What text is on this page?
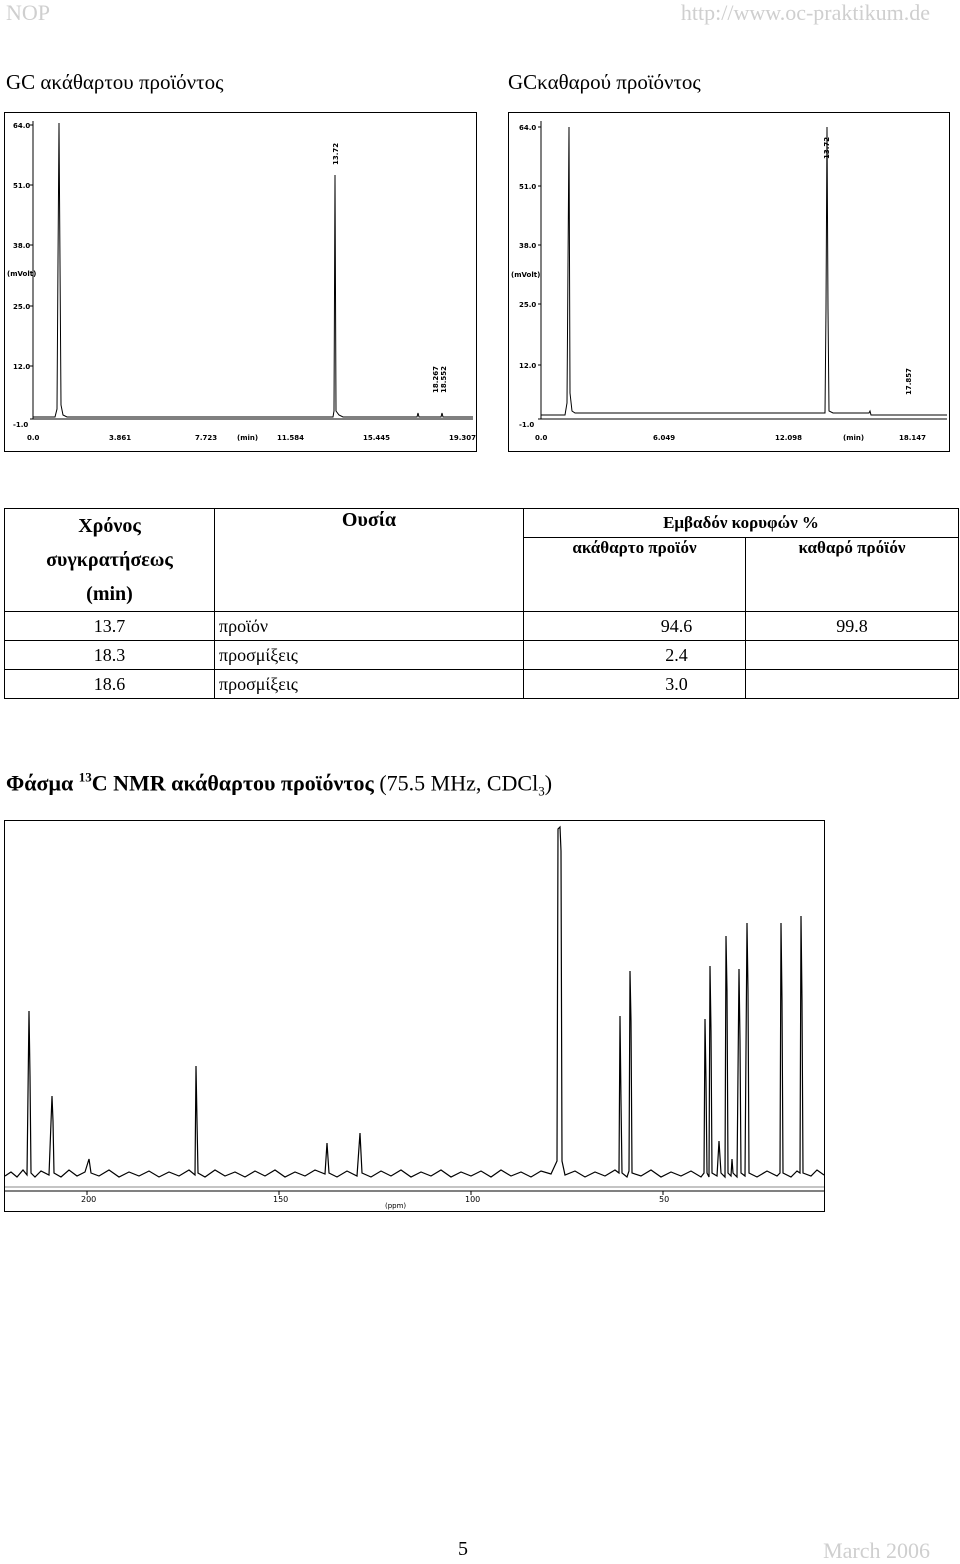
NOP	http://www.oc-praktikum.de
GC ακάθαρτου προϊόντος	GCκαθαρού προϊόντος
64.0
51.0
38.0
25.0
12.0
-1.0
(mVolt)
0.0	3.861	7.723	11.584	15.445	19.307
(min)
13.72
18.267 18.552
64.0
51.0
38.0
25.0
12.0
-1.0
(mVolt)
0.0	6.049	12.098	18.147
(min)
13.72
17.857
Χρόνος
συγκρατήσεως
(min)	Ουσία	Εμβαδόν κορυφών %	
		ακάθαρτο προϊόν	καθαρό πρόϊόν

13.7	προϊόν	94.6	99.8
18.3	προσμίξεις	2.4	
18.6	προσμίξεις	3.0	
Φάσμα $^{13}$C NMR ακάθαρτου προϊόντος (75.5 MHz, CDCl$_3$)
200	150	100	50
(ppm)
5	March 2006
